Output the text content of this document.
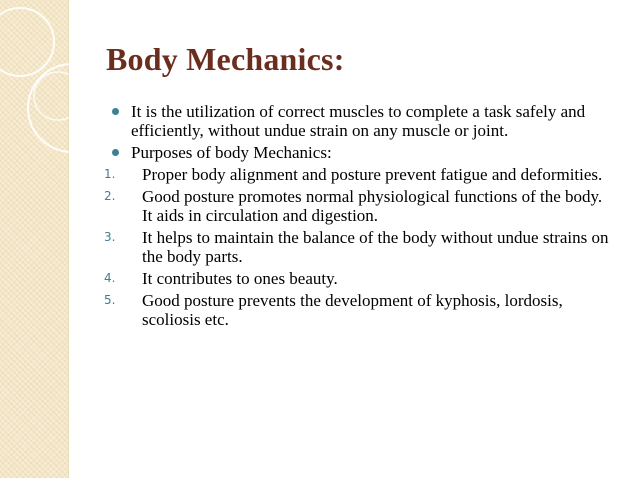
Body Mechanics:
It is the utilization of correct muscles to complete a task safely and efficiently, without undue strain on any muscle or joint.
Purposes of body Mechanics:
1. Proper body alignment and posture prevent fatigue and deformities.
2. Good posture promotes normal physiological functions of the body. It aids in circulation and digestion.
3. It helps to maintain the balance of the body without undue strains on the body parts.
4. It contributes to ones beauty.
5. Good posture prevents the development of kyphosis, lordosis, scoliosis etc.
